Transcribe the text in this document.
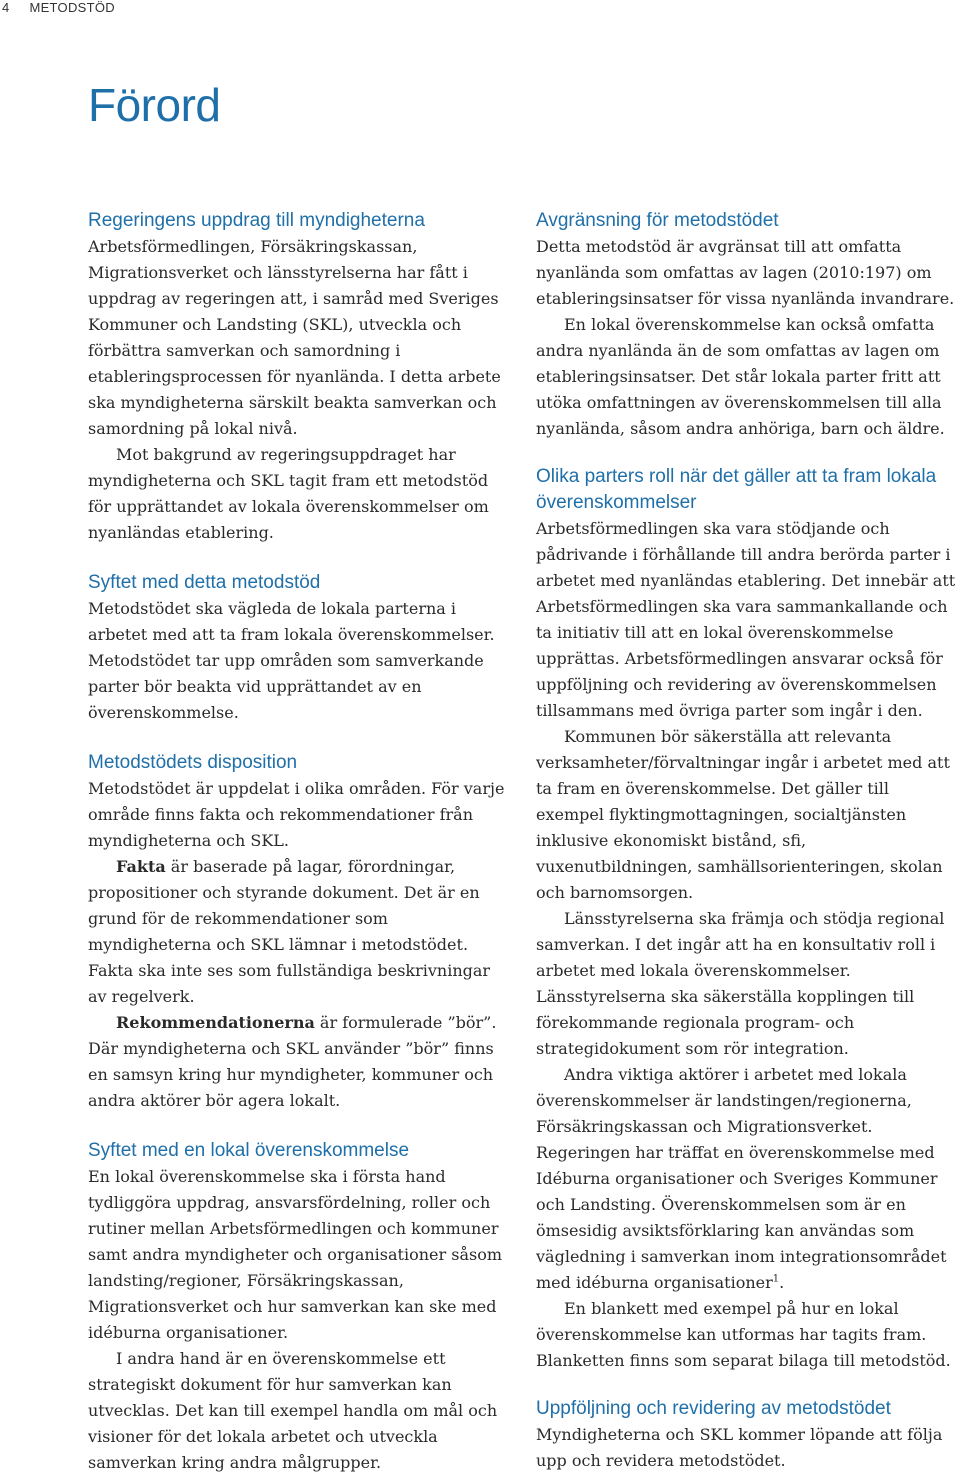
4 METODSTÖD
Förord
Regeringens uppdrag till myndigheterna

Arbetsförmedlingen, Försäkringskassan, Migrationsverket och länsstyrelserna har fått i uppdrag av regeringen att, i samråd med Sveriges Kommuner och Landsting (SKL), utveckla och förbättra samverkan och samordning i etableringsprocessen för nyanlända. I detta arbete ska myndigheterna särskilt beakta samverkan och samordning på lokal nivå.

Mot bakgrund av regeringsuppdraget har myndigheterna och SKL tagit fram ett metodstöd för upprättandet av lokala överenskommelser om nyanländas etablering.

Syftet med detta metodstöd

Metodstödet ska vägleda de lokala parterna i arbetet med att ta fram lokala överenskommelser. Metodstödet tar upp områden som samverkande parter bör beakta vid upprättandet av en överenskommelse.

Metodstödets disposition

Metodstödet är uppdelat i olika områden. För varje område finns fakta och rekommendationer från myndigheterna och SKL.

Fakta är baserade på lagar, förordningar, propositioner och styrande dokument. Det är en grund för de rekommendationer som myndigheterna och SKL lämnar i metodstödet. Fakta ska inte ses som fullständiga beskrivningar av regelverk.

Rekommendationerna är formulerade ”bör”. Där myndigheterna och SKL använder ”bör” finns en samsyn kring hur myndigheter, kommuner och andra aktörer bör agera lokalt.

Syftet med en lokal överenskommelse

En lokal överenskommelse ska i första hand tydliggöra uppdrag, ansvarsfördelning, roller och rutiner mellan Arbetsförmedlingen och kommuner samt andra myndigheter och organisationer såsom landsting/regioner, Försäkringskassan, Migrationsverket och hur samverkan kan ske med idéburna organisationer.

I andra hand är en överenskommelse ett strategiskt dokument för hur samverkan kan utvecklas. Det kan till exempel handla om mål och visioner för det lokala arbetet och utveckla samverkan kring andra målgrupper.

Avgränsning för metodstödet

Detta metodstöd är avgränsat till att omfatta nyanlända som omfattas av lagen (2010:197) om etableringsinsatser för vissa nyanlända invandrare.

En lokal överenskommelse kan också omfatta andra nyanlända än de som omfattas av lagen om etableringsinsatser. Det står lokala parter fritt att utöka omfattningen av överenskommelsen till alla nyanlända, såsom andra anhöriga, barn och äldre.

Olika parters roll när det gäller att ta fram lokala överenskommelser

Arbetsförmedlingen ska vara stödjande och pådrivande i förhållande till andra berörda parter i arbetet med nyanländas etablering. Det innebär att Arbetsförmedlingen ska vara sammankallande och ta initiativ till att en lokal överenskommelse upprättas. Arbetsförmedlingen ansvarar också för uppföljning och revidering av överenskommelsen tillsammans med övriga parter som ingår i den.

Kommunen bör säkerställa att relevanta verksamheter/förvaltningar ingår i arbetet med att ta fram en överenskommelse. Det gäller till exempel flyktingmottagningen, socialtjänsten inklusive ekonomiskt bistånd, sfi, vuxenutbildningen, samhällsorienteringen, skolan och barnomsorgen.

Länsstyrelserna ska främja och stödja regional samverkan. I det ingår att ha en konsultativ roll i arbetet med lokala överenskommelser. Länsstyrelserna ska säkerställa kopplingen till förekommande regionala program- och strategidokument som rör integration.

Andra viktiga aktörer i arbetet med lokala överenskommelser är landstingen/regionerna, Försäkringskassan och Migrationsverket. Regeringen har träffat en överenskommelse med Idéburna organisationer och Sveriges Kommuner och Landsting. Överenskommelsen som är en ömsesidig avsiktsförklaring kan användas som vägledning i samverkan inom integrationsområdet med idéburna organisationer$^1$.

En blankett med exempel på hur en lokal överenskommelse kan utformas har tagits fram. Blanketten finns som separat bilaga till metodstöd.

Uppföljning och revidering av metodstödet

Myndigheterna och SKL kommer löpande att följa upp och revidera metodstödet.
